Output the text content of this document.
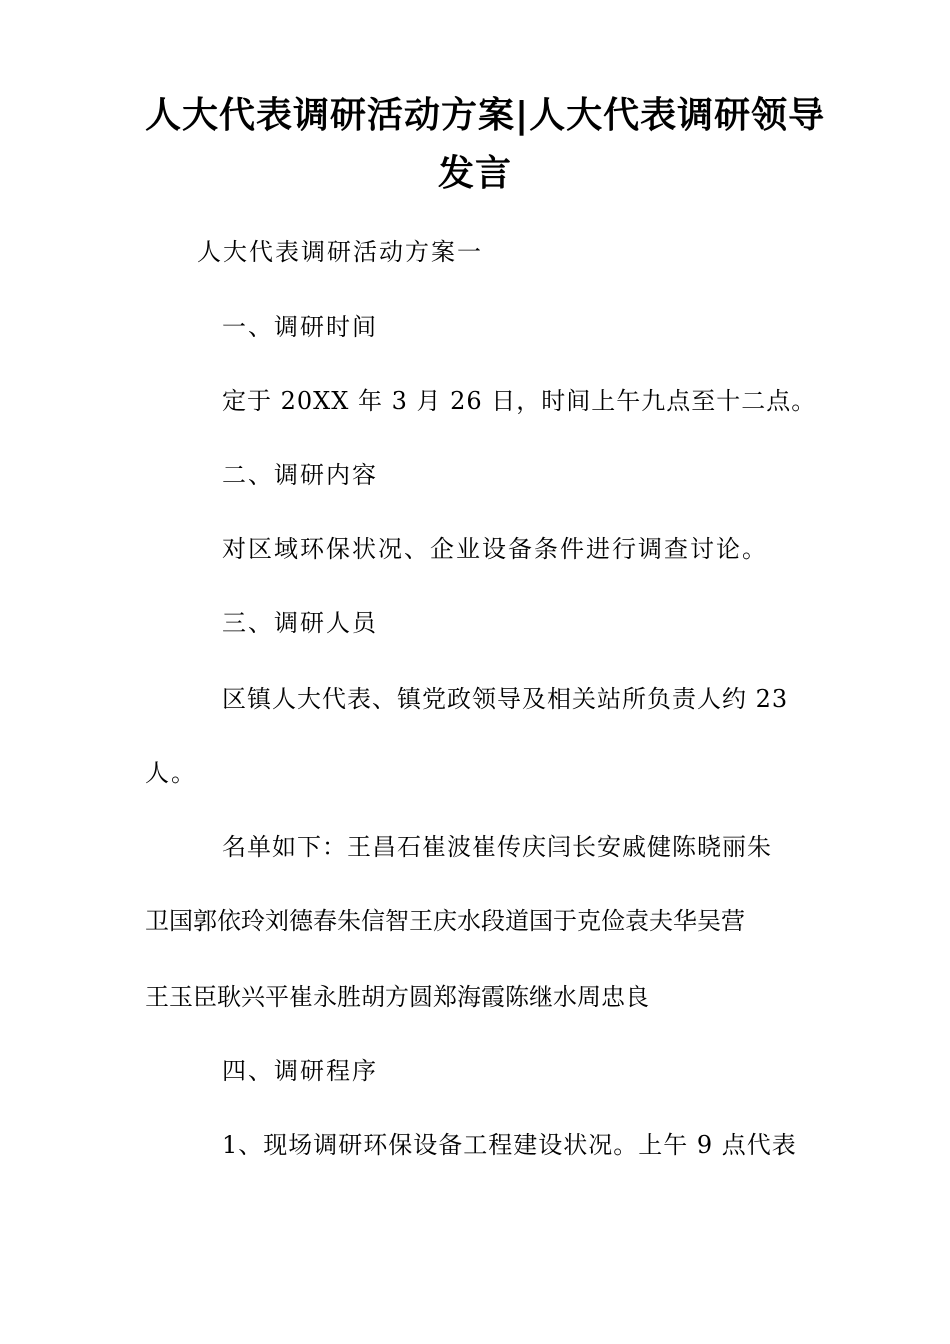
人大代表调研活动方案|人大代表调研领导
发言
人大代表调研活动方案一
一、调研时间
定于 20XX 年 3 月 26 日，时间上午九点至十二点。
二、调研内容
对区域环保状况、企业设备条件进行调查讨论。
三、调研人员
区镇人大代表、镇党政领导及相关站所负责人约 23
人。
名单如下：王昌石崔波崔传庆闫长安戚健陈晓丽朱
卫国郭依玲刘德春朱信智王庆水段道国于克俭袁夫华吴营
王玉臣耿兴平崔永胜胡方圆郑海霞陈继水周忠良
四、调研程序
1、现场调研环保设备工程建设状况。上午 9 点代表
